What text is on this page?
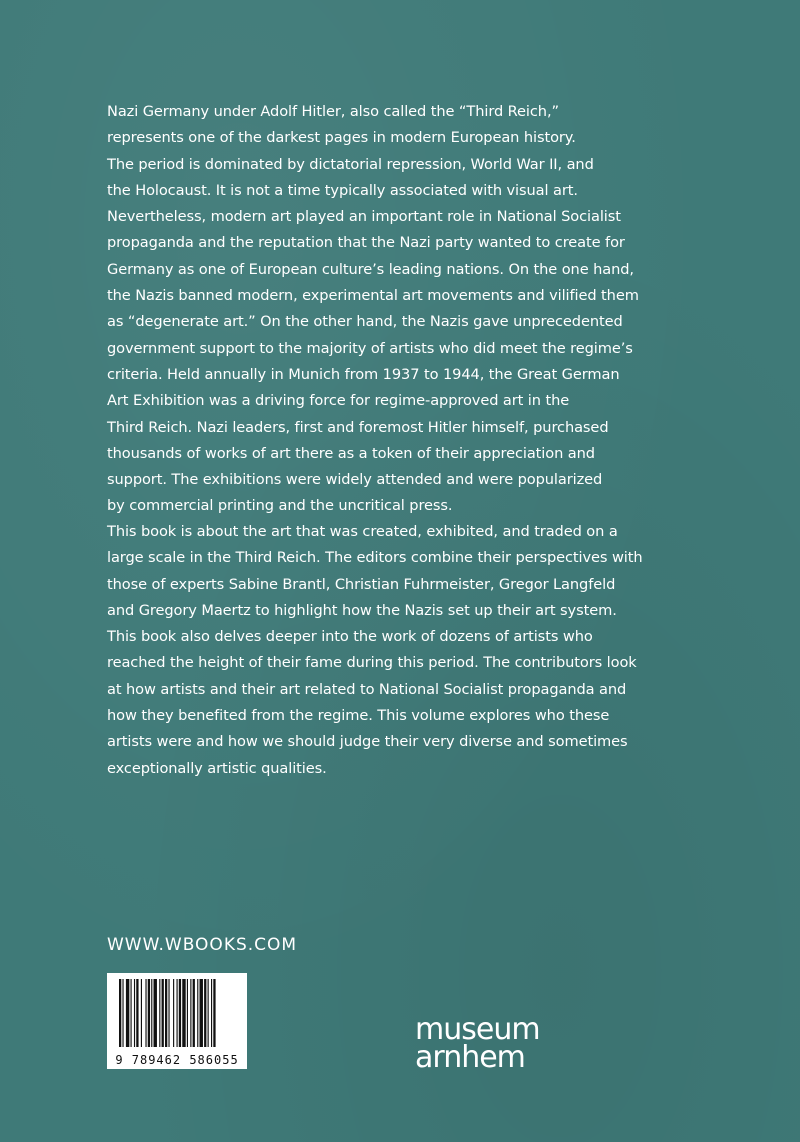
Nazi Germany under Adolf Hitler, also called the “Third Reich,”
represents one of the darkest pages in modern European history.
The period is dominated by dictatorial repression, World War II, and
the Holocaust. It is not a time typically associated with visual art.
Nevertheless, modern art played an important role in National Socialist
propaganda and the reputation that the Nazi party wanted to create for
Germany as one of European culture’s leading nations. On the one hand,
the Nazis banned modern, experimental art movements and vilified them
as “degenerate art.” On the other hand, the Nazis gave unprecedented
government support to the majority of artists who did meet the regime’s
criteria. Held annually in Munich from 1937 to 1944, the Great German
Art Exhibition was a driving force for regime-approved art in the
Third Reich. Nazi leaders, first and foremost Hitler himself, purchased
thousands of works of art there as a token of their appreciation and
support. The exhibitions were widely attended and were popularized
by commercial printing and the uncritical press.
This book is about the art that was created, exhibited, and traded on a
large scale in the Third Reich. The editors combine their perspectives with
those of experts Sabine Brantl, Christian Fuhrmeister, Gregor Langfeld
and Gregory Maertz to highlight how the Nazis set up their art system.
This book also delves deeper into the work of dozens of artists who
reached the height of their fame during this period. The contributors look
at how artists and their art related to National Socialist propaganda and
how they benefited from the regime. This volume explores who these
artists were and how we should judge their very diverse and sometimes
exceptionally artistic qualities.
WWW.WBOOKS.COM
9 789462 586055
museum
arnhem
